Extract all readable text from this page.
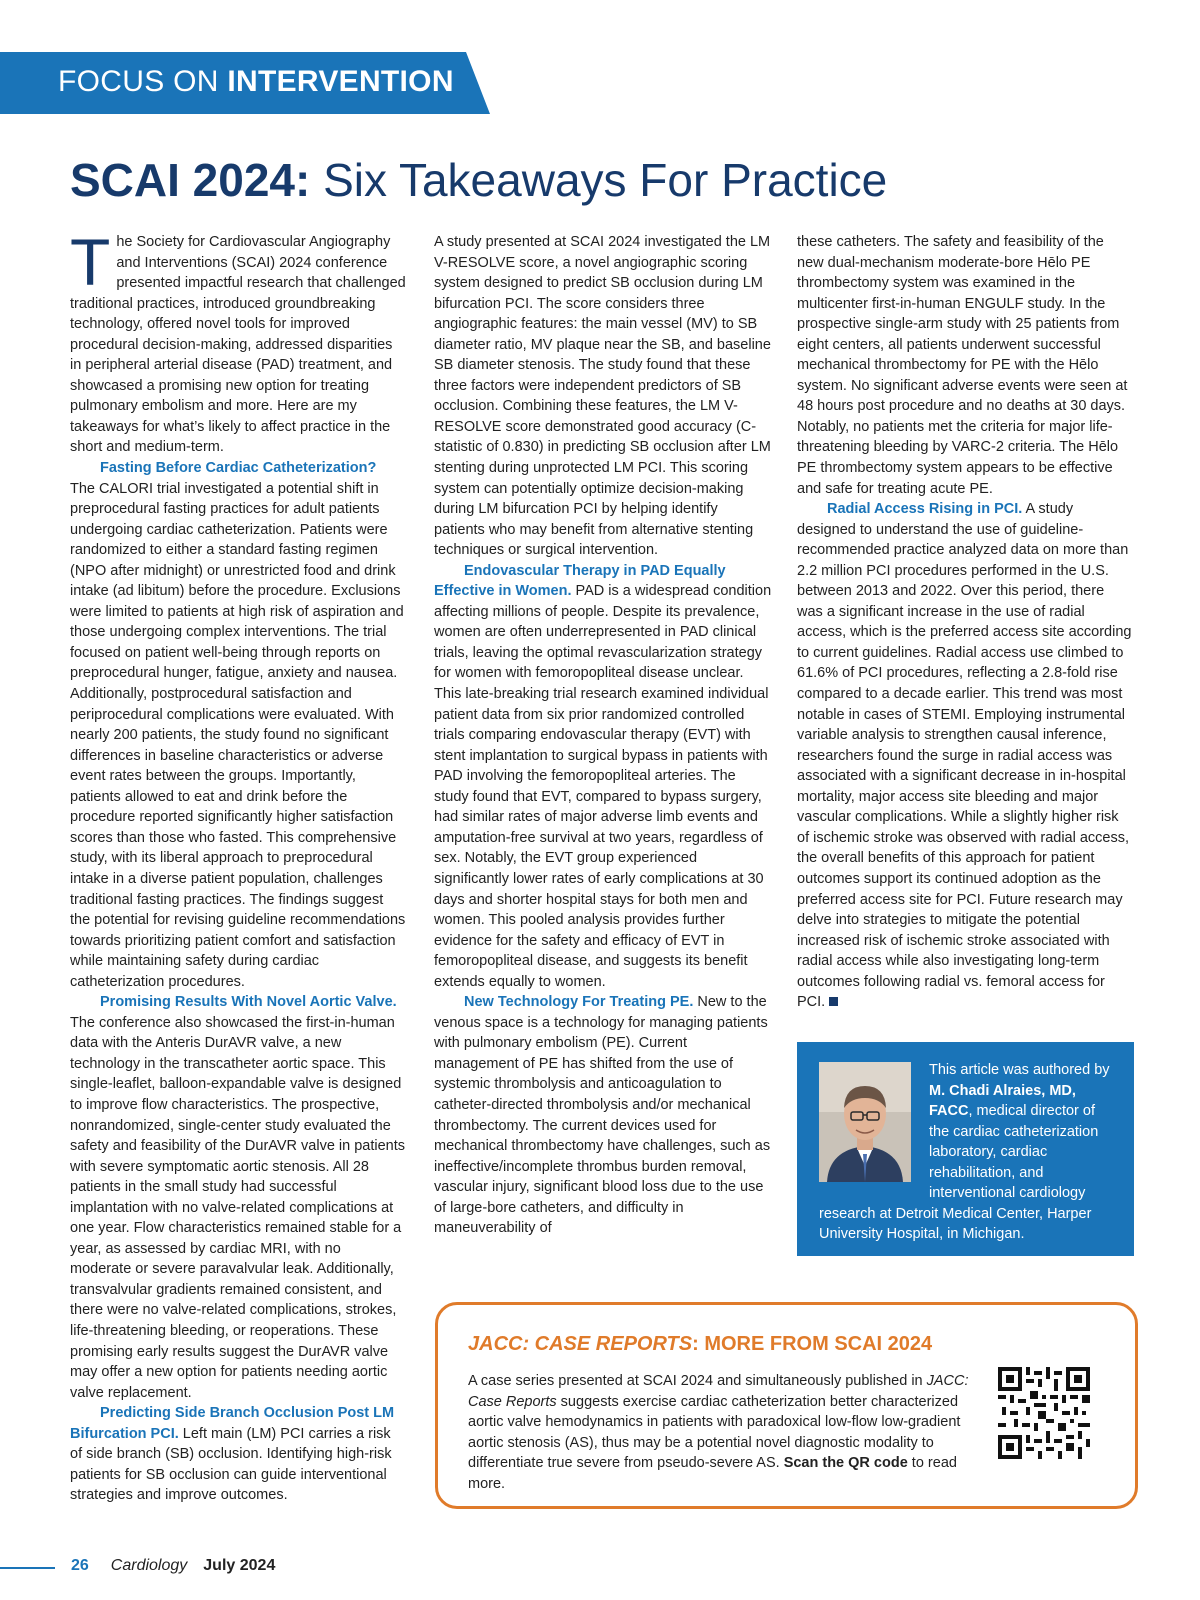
FOCUS ON INTERVENTION
SCAI 2024: Six Takeaways For Practice

The Society for Cardiovascular Angiography and Interventions (SCAI) 2024 conference presented impactful research that challenged traditional practices, introduced groundbreaking technology, offered novel tools for improved procedural decision-making, addressed disparities in peripheral arterial disease (PAD) treatment, and showcased a promising new option for treating pulmonary embolism and more. Here are my takeaways for what’s likely to affect practice in the short and medium-term.

Fasting Before Cardiac Catheterization?

The CALORI trial investigated a potential shift in preprocedural fasting practices for adult patients undergoing cardiac catheterization. Patients were randomized to either a standard fasting regimen (NPO after midnight) or unrestricted food and drink intake (ad libitum) before the procedure. Exclusions were limited to patients at high risk of aspiration and those undergoing complex interventions. The trial focused on patient well-being through reports on preprocedural hunger, fatigue, anxiety and nausea. Additionally, postprocedural satisfaction and periprocedural complications were evaluated. With nearly 200 patients, the study found no significant differences in baseline characteristics or adverse event rates between the groups. Importantly, patients allowed to eat and drink before the procedure reported significantly higher satisfaction scores than those who fasted. This comprehensive study, with its liberal approach to preprocedural intake in a diverse patient population, challenges traditional fasting practices. The findings suggest the potential for revising guideline recommendations towards prioritizing patient comfort and satisfaction while maintaining safety during cardiac catheterization procedures.

Promising Results With Novel Aortic Valve. The conference also showcased the first-in-human data with the Anteris DurAVR valve, a new technology in the transcatheter aortic space. This single-leaflet, balloon-expandable valve is designed to improve flow characteristics. The prospective, nonrandomized, single-center study evaluated the safety and feasibility of the DurAVR valve in patients with severe symptomatic aortic stenosis. All 28 patients in the small study had successful implantation with no valve-related complications at one year. Flow characteristics remained stable for a year, as assessed by cardiac MRI, with no moderate or severe paravalvular leak. Additionally, transvalvular gradients remained consistent, and there were no valve-related complications, strokes, life-threatening bleeding, or reoperations. These promising early results suggest the DurAVR valve may offer a new option for patients needing aortic valve replacement.

Predicting Side Branch Occlusion Post LM Bifurcation PCI. Left main (LM) PCI carries a risk of side branch (SB) occlusion. Identifying high-risk patients for SB occlusion can guide interventional strategies and improve outcomes.

A study presented at SCAI 2024 investigated the LM V-RESOLVE score, a novel angiographic scoring system designed to predict SB occlusion during LM bifurcation PCI. The score considers three angiographic features: the main vessel (MV) to SB diameter ratio, MV plaque near the SB, and baseline SB diameter stenosis. The study found that these three factors were independent predictors of SB occlusion. Combining these features, the LM V-RESOLVE score demonstrated good accuracy (C-statistic of 0.830) in predicting SB occlusion after LM stenting during unprotected LM PCI. This scoring system can potentially optimize decision-making during LM bifurcation PCI by helping identify patients who may benefit from alternative stenting techniques or surgical intervention.

Endovascular Therapy in PAD Equally Effective in Women. PAD is a widespread condition affecting millions of people. Despite its prevalence, women are often underrepresented in PAD clinical trials, leaving the optimal revascularization strategy for women with femoropopliteal disease unclear. This late-breaking trial research examined individual patient data from six prior randomized controlled trials comparing endovascular therapy (EVT) with stent implantation to surgical bypass in patients with PAD involving the femoropopliteal arteries. The study found that EVT, compared to bypass surgery, had similar rates of major adverse limb events and amputation-free survival at two years, regardless of sex. Notably, the EVT group experienced significantly lower rates of early complications at 30 days and shorter hospital stays for both men and women. This pooled analysis provides further evidence for the safety and efficacy of EVT in femoropopliteal disease, and suggests its benefit extends equally to women.

New Technology For Treating PE. New to the venous space is a technology for managing patients with pulmonary embolism (PE). Current management of PE has shifted from the use of systemic thrombolysis and anticoagulation to catheter-directed thrombolysis and/or mechanical thrombectomy. The current devices used for mechanical thrombectomy have challenges, such as ineffective/incomplete thrombus burden removal, vascular injury, significant blood loss due to the use of large-bore catheters, and difficulty in maneuverability of

these catheters. The safety and feasibility of the new dual-mechanism moderate-bore Hēlo PE thrombectomy system was examined in the multicenter first-in-human ENGULF study. In the prospective single-arm study with 25 patients from eight centers, all patients underwent successful mechanical thrombectomy for PE with the Hēlo system. No significant adverse events were seen at 48 hours post procedure and no deaths at 30 days. Notably, no patients met the criteria for major life-threatening bleeding by VARC-2 criteria. The Hēlo PE thrombectomy system appears to be effective and safe for treating acute PE.

Radial Access Rising in PCI. A study designed to understand the use of guideline-recommended practice analyzed data on more than 2.2 million PCI procedures performed in the U.S. between 2013 and 2022. Over this period, there was a significant increase in the use of radial access, which is the preferred access site according to current guidelines. Radial access use climbed to 61.6% of PCI procedures, reflecting a 2.8-fold rise compared to a decade earlier. This trend was most notable in cases of STEMI. Employing instrumental variable analysis to strengthen causal inference, researchers found the surge in radial access was associated with a significant decrease in in-hospital mortality, major access site bleeding and major vascular complications. While a slightly higher risk of ischemic stroke was observed with radial access, the overall benefits of this approach for patient outcomes support its continued adoption as the preferred access site for PCI. Future research may delve into strategies to mitigate the potential increased risk of ischemic stroke associated with radial access while also investigating long-term outcomes following radial vs. femoral access for PCI.

This article was authored by M. Chadi Alraies, MD, FACC, medical director of the cardiac catheterization laboratory, cardiac rehabilitation, and interventional cardiology research at Detroit Medical Center, Harper University Hospital, in Michigan.
JACC: CASE REPORTS: MORE FROM SCAI 2024
A case series presented at SCAI 2024 and simultaneously published in JACC: Case Reports suggests exercise cardiac catheterization better characterized aortic valve hemodynamics in patients with paradoxical low-flow low-gradient aortic stenosis (AS), thus may be a potential novel diagnostic modality to differentiate true severe from pseudo-severe AS. Scan the QR code to read more.
26 Cardiology July 2024
